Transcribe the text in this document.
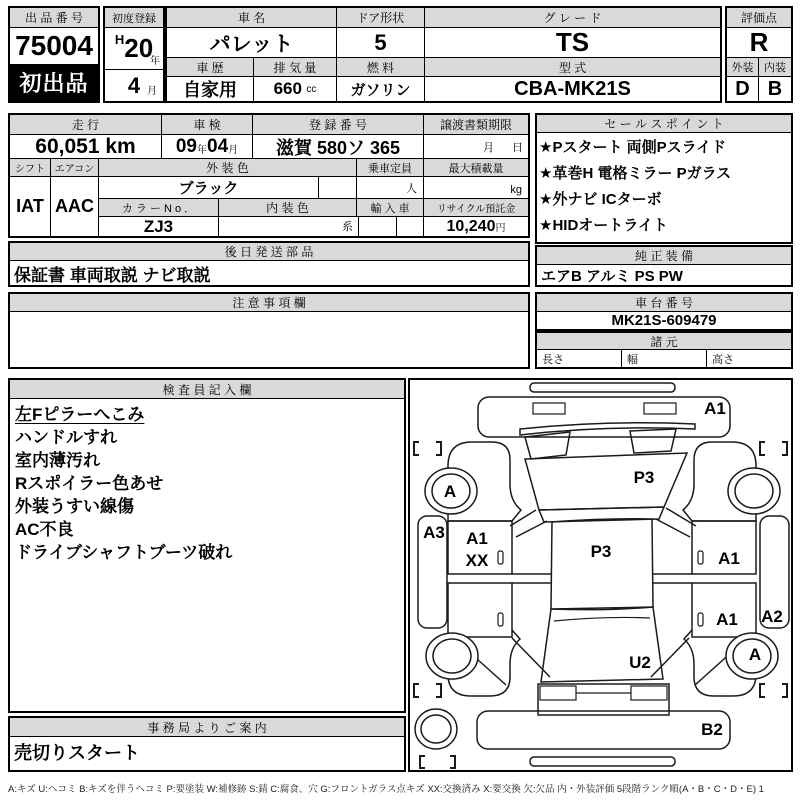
出 品 番 号
75004
初出品
初度登録
H 20
年
4 月
車 名	ドア形状	グ レ ー ド
パレット	5	TS
車 歴	排 気 量	燃 料	型 式
自家用	660
cc	ガソリン	CBA-MK21S
評価点
R
外装 内装
D B
走 行	車 検	登 録 番 号	譲渡書類期限
60,051 km	09 年 04 月	滋賀 580ソ 365	月 日
シフト エアコン	外 装 色	乗車定員	最大積載量
IAT AAC
ブラック	人	kg
カ ラ ー N o ．	内 装 色	輸 入 車	リサイクル預託金
ZJ3	系	10,240 円
後 日 発 送 部 品
保証書 車両取説 ナビ取説
注 意 事 項 欄
セ ー ル ス ポ イ ン ト
★Pスタート 両側Pスライド
★革巻H 電格ミラー Pガラス
★外ナビ ICターボ
★HIDオートライト
純 正 装 備
エアB アルミ PS PW
車 台 番 号
MK21S-609479
諸 元
長さ	幅	高さ
検 査 員 記 入 欄
左Fピラーへこみ
ハンドルすれ
室内薄汚れ
Rスポイラー色あせ
外装うすい線傷
AC不良
ドライブシャフトブーツ破れ
事 務 局 よ り ご 案 内
売切りスタート
A1
P3
A
A3 A1
XX	P3	A1
A1 A2
A
U2
B2
A:キズ U:ヘコミ B:キズを伴うヘコミ P:要塗装 W:補修跡 S:錆 C:腐食、穴 G:フロントガラス点キズ XX:交換済み X:要交換 欠:欠品 内・外装評価 5段階ランク順(A・B・C・D・E) 1
